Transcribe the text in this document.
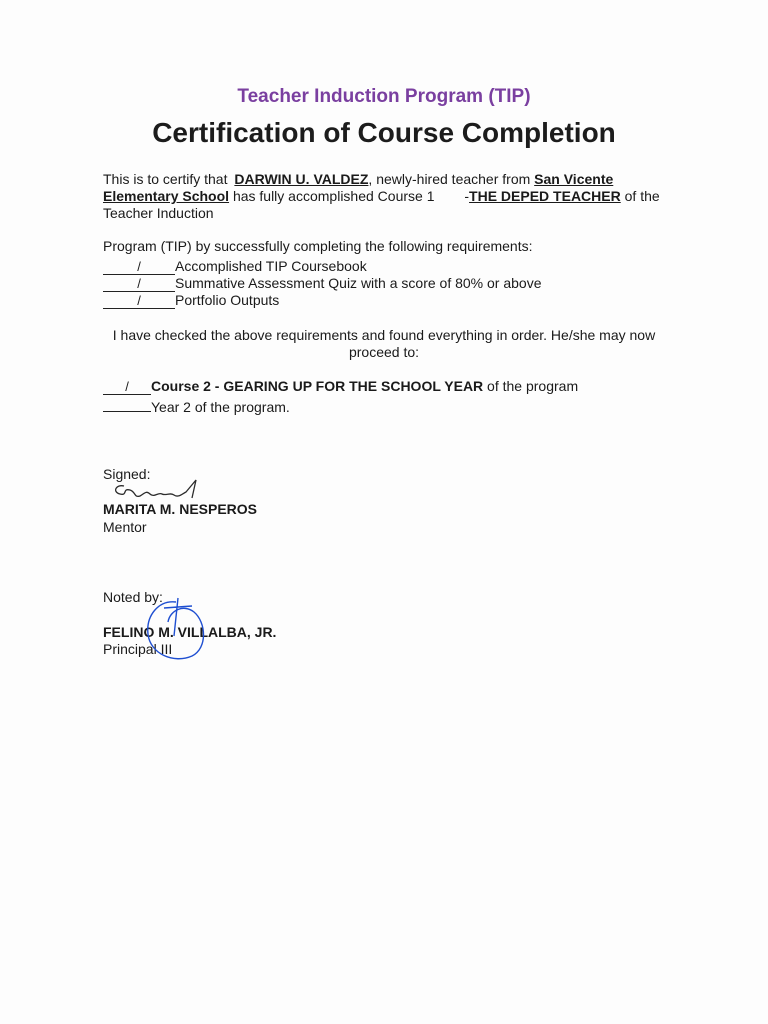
Teacher Induction Program (TIP)
Certification of Course Completion
This is to certify that DARWIN U. VALDEZ, newly-hired teacher from San Vicente
Elementary School has fully accomplished Course 1 -THE DEPED TEACHER of the
Teacher Induction
Program (TIP) by successfully completing the following requirements:
/ Accomplished TIP Coursebook
/ Summative Assessment Quiz with a score of 80% or above
/ Portfolio Outputs
I have checked the above requirements and found everything in order. He/she may now
proceed to:
/ Course 2 - GEARING UP FOR THE SCHOOL YEAR of the program
Year 2 of the program.
Signed:
MARITA M. NESPEROS
Mentor
Noted by:
FELINO M. VILLALBA, JR.
Principal III
